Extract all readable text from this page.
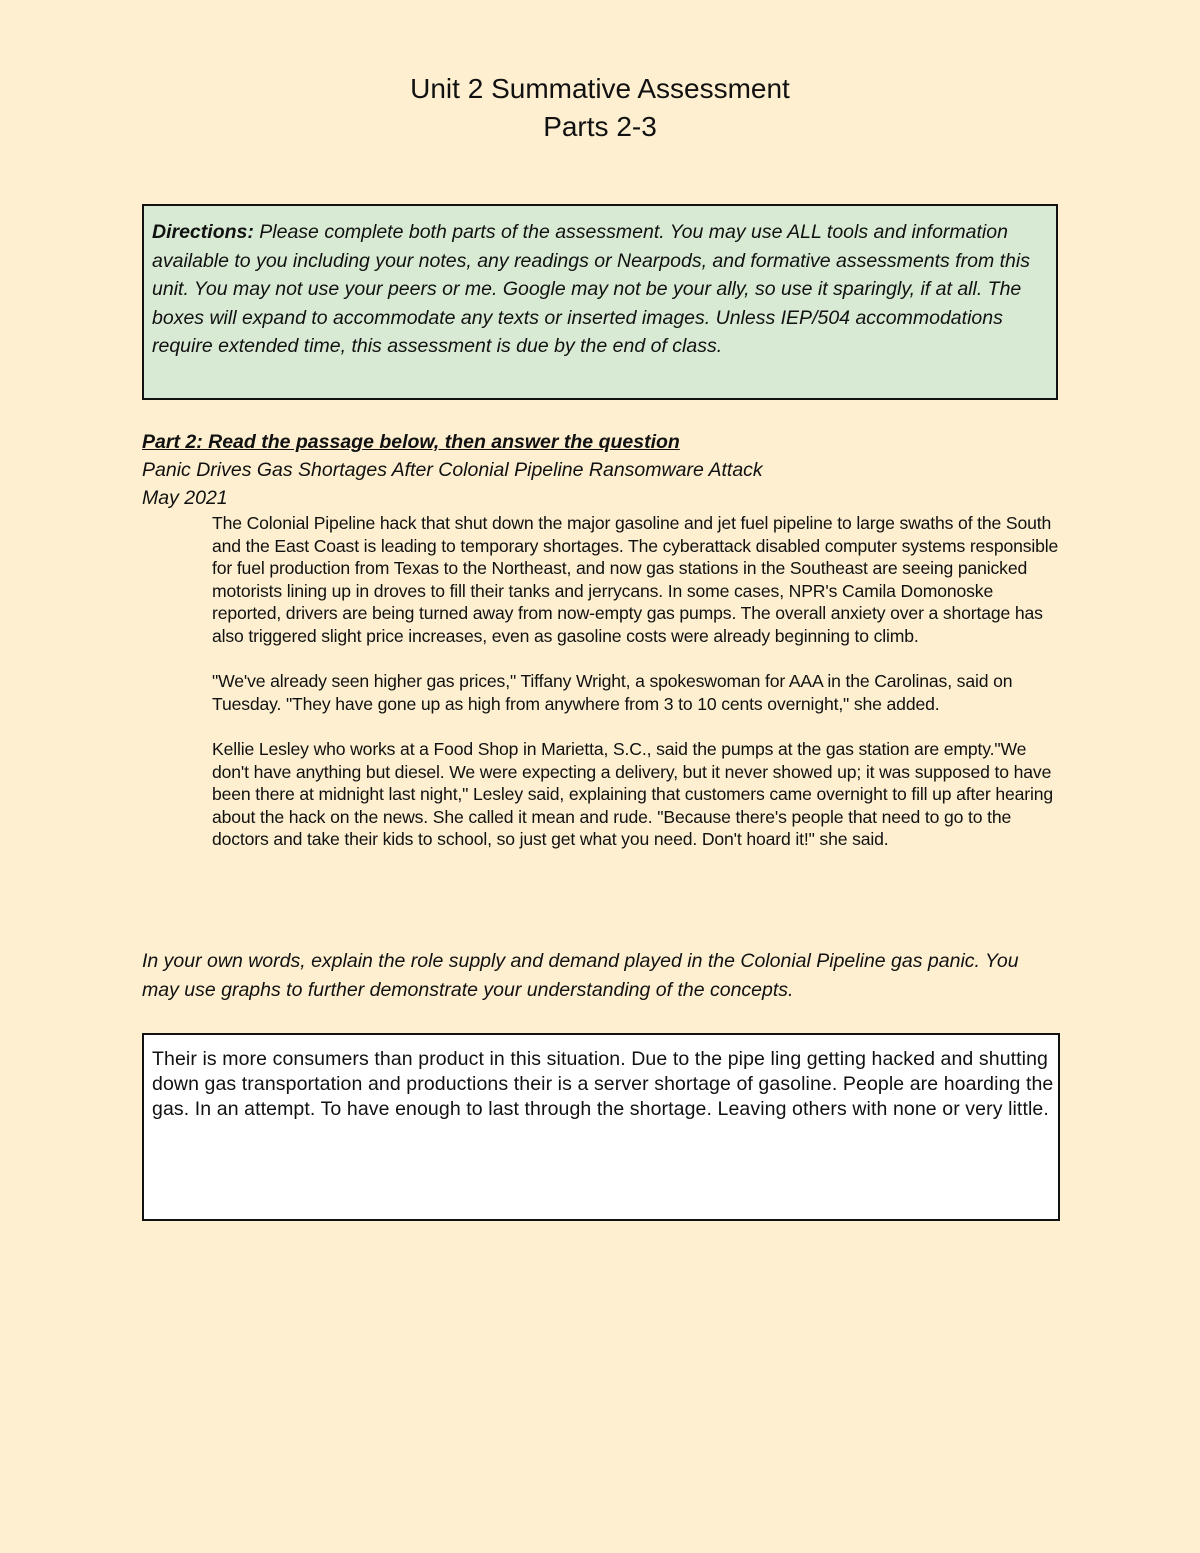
Unit 2 Summative Assessment
Parts 2-3
Directions: Please complete both parts of the assessment. You may use ALL tools and information available to you including your notes, any readings or Nearpods, and formative assessments from this unit. You may not use your peers or me. Google may not be your ally, so use it sparingly, if at all. The boxes will expand to accommodate any texts or inserted images. Unless IEP/504 accommodations require extended time, this assessment is due by the end of class.
Part 2: Read the passage below, then answer the question
Panic Drives Gas Shortages After Colonial Pipeline Ransomware Attack
May 2021

The Colonial Pipeline hack that shut down the major gasoline and jet fuel pipeline to large swaths of the South and the East Coast is leading to temporary shortages. The cyberattack disabled computer systems responsible for fuel production from Texas to the Northeast, and now gas stations in the Southeast are seeing panicked motorists lining up in droves to fill their tanks and jerrycans. In some cases, NPR's Camila Domonoske reported, drivers are being turned away from now-empty gas pumps. The overall anxiety over a shortage has also triggered slight price increases, even as gasoline costs were already beginning to climb.

"We've already seen higher gas prices," Tiffany Wright, a spokeswoman for AAA in the Carolinas, said on Tuesday. "They have gone up as high from anywhere from 3 to 10 cents overnight," she added.

Kellie Lesley who works at a Food Shop in Marietta, S.C., said the pumps at the gas station are empty."We don't have anything but diesel. We were expecting a delivery, but it never showed up; it was supposed to have been there at midnight last night," Lesley said, explaining that customers came overnight to fill up after hearing about the hack on the news. She called it mean and rude. "Because there's people that need to go to the doctors and take their kids to school, so just get what you need. Don't hoard it!" she said.

In your own words, explain the role supply and demand played in the Colonial Pipeline gas panic. You may use graphs to further demonstrate your understanding of the concepts.
Their is more consumers than product in this situation. Due to the pipe ling getting hacked and shutting down gas transportation and productions their is a server shortage of gasoline. People are hoarding the gas. In an attempt. To have enough to last through the shortage. Leaving others with none or very little.
